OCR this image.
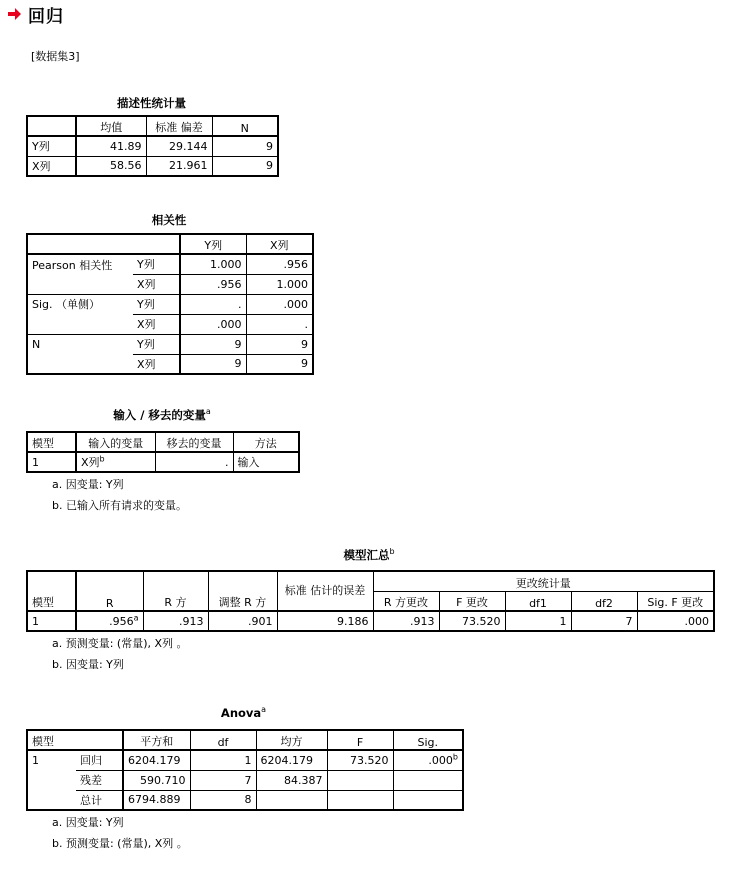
回归
[数据集3]
描述性统计量
	均值	标准 偏差	N
Y列	41.89	29.144	9
X列	58.56	21.961	9
相关性
		Y列	X列
Pearson 相关性	Y列	1.000	.956
	X列	.956	1.000
Sig. （单侧）	Y列	.	.000
	X列	.000	.
N	Y列	9	9
	X列	9	9
输入 / 移去的变量$^a$
模型	输入的变量	移去的变量	方法
1	X列$^b$	.	输入
a. 因变量: Y列
b. 已输入所有请求的变量。
模型汇总$^b$
模型	R	R 方	调整 R 方	标准 估计的误差	更改统计量				
					R 方更改	F 更改	df1	df2	Sig. F 更改
1	.956$^a$	.913	.901	9.186	.913	73.520	1	7	.000
a. 预测变量: (常量), X列 。
b. 因变量: Y列
Anova$^a$
模型		平方和	df	均方	F	Sig.
1	回归	6204.179	1	6204.179	73.520	.000$^b$
	残差	590.710	7	84.387		
	总计	6794.889	8			
a. 因变量: Y列
b. 预测变量: (常量), X列 。
